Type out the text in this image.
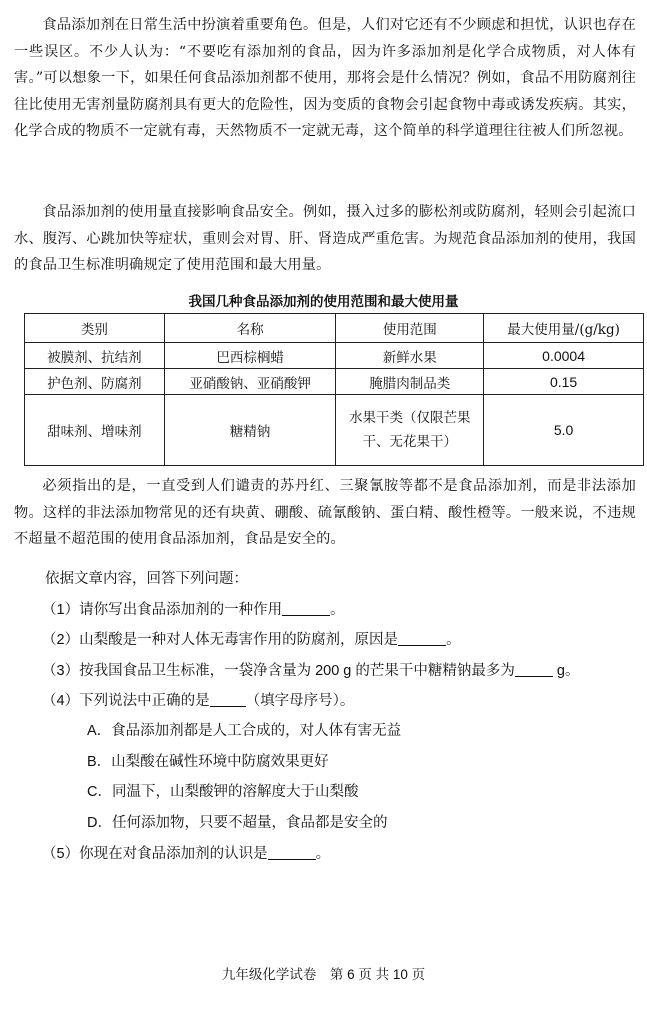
食品添加剂在日常生活中扮演着重要角色。但是，人们对它还有不少顾虑和担忧，认识也存在一些误区。不少人认为：“不要吃有添加剂的食品，因为许多添加剂是化学合成物质，对人体有害。”可以想象一下，如果任何食品添加剂都不使用，那将会是什么情况？例如，食品不用防腐剂往往比使用无害剂量防腐剂具有更大的危险性，因为变质的食物会引起食物中毒或诱发疾病。其实，化学合成的物质不一定就有毒，天然物质不一定就无毒，这个简单的科学道理往往被人们所忽视。

食品添加剂的使用量直接影响食品安全。例如，摄入过多的膨松剂或防腐剂，轻则会引起流口水、腹泻、心跳加快等症状，重则会对胃、肝、肾造成严重危害。为规范食品添加剂的使用，我国的食品卫生标准明确规定了使用范围和最大用量。

我国几种食品添加剂的使用范围和最大使用量

类别	名称	使用范围	最大使用量/(g/kg)
被膜剂、抗结剂	巴西棕榈蜡	新鲜水果	0.0004
护色剂、防腐剂	亚硝酸钠、亚硝酸钾	腌腊肉制品类	0.15
甜味剂、增味剂	糖精钠	水果干类（仅限芒果干、无花果干）	5.0

必须指出的是，一直受到人们谴责的苏丹红、三聚氰胺等都不是食品添加剂，而是非法添加物。这样的非法添加物常见的还有块黄、硼酸、硫氰酸钠、蛋白精、酸性橙等。一般来说，不违规不超量不超范围的使用食品添加剂，食品是安全的。

依据文章内容，回答下列问题：

（1）请你写出食品添加剂的一种作用	。

（2）山梨酸是一种对人体无毒害作用的防腐剂，原因是	。

（3）按我国食品卫生标准，一袋净含量为 200 g 的芒果干中糖精钠最多为	g。

（4）下列说法中正确的是 （填字母序号）。

A．食品添加剂都是人工合成的，对人体有害无益

B．山梨酸在碱性环境中防腐效果更好

C．同温下，山梨酸钾的溶解度大于山梨酸

D．任何添加物，只要不超量，食品都是安全的

（5）你现在对食品添加剂的认识是	。

九年级化学试卷　第 6 页 共 10 页
